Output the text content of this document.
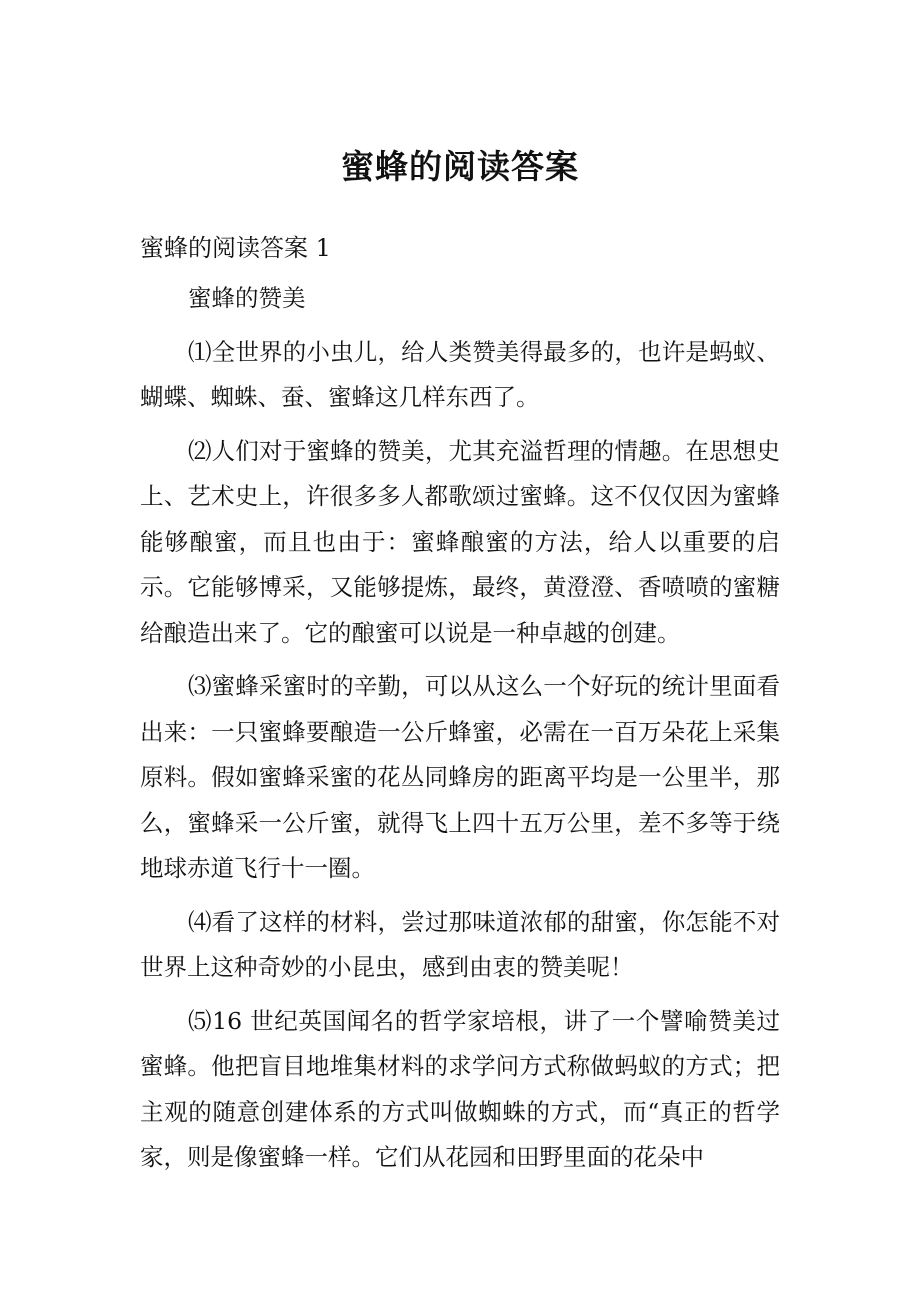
蜜蜂的阅读答案
蜜蜂的阅读答案 1

蜜蜂的赞美

⑴全世界的小虫儿，给人类赞美得最多的，也许是蚂蚁、蝴蝶、蜘蛛、蚕、蜜蜂这几样东西了。

⑵人们对于蜜蜂的赞美，尤其充溢哲理的情趣。在思想史上、艺术史上，许很多多人都歌颂过蜜蜂。这不仅仅因为蜜蜂能够酿蜜，而且也由于：蜜蜂酿蜜的方法，给人以重要的启示。它能够博采，又能够提炼，最终，黄澄澄、香喷喷的蜜糖给酿造出来了。它的酿蜜可以说是一种卓越的创建。

⑶蜜蜂采蜜时的辛勤，可以从这么一个好玩的统计里面看出来：一只蜜蜂要酿造一公斤蜂蜜，必需在一百万朵花上采集原料。假如蜜蜂采蜜的花丛同蜂房的距离平均是一公里半，那么，蜜蜂采一公斤蜜，就得飞上四十五万公里，差不多等于绕地球赤道飞行十一圈。

⑷看了这样的材料，尝过那味道浓郁的甜蜜，你怎能不对世界上这种奇妙的小昆虫，感到由衷的赞美呢！

⑸16 世纪英国闻名的哲学家培根，讲了一个譬喻赞美过蜜蜂。他把盲目地堆集材料的求学问方式称做蚂蚁的方式；把主观的随意创建体系的方式叫做蜘蛛的方式，而“真正的哲学家，则是像蜜蜂一样。它们从花园和田野里面的花朵中
